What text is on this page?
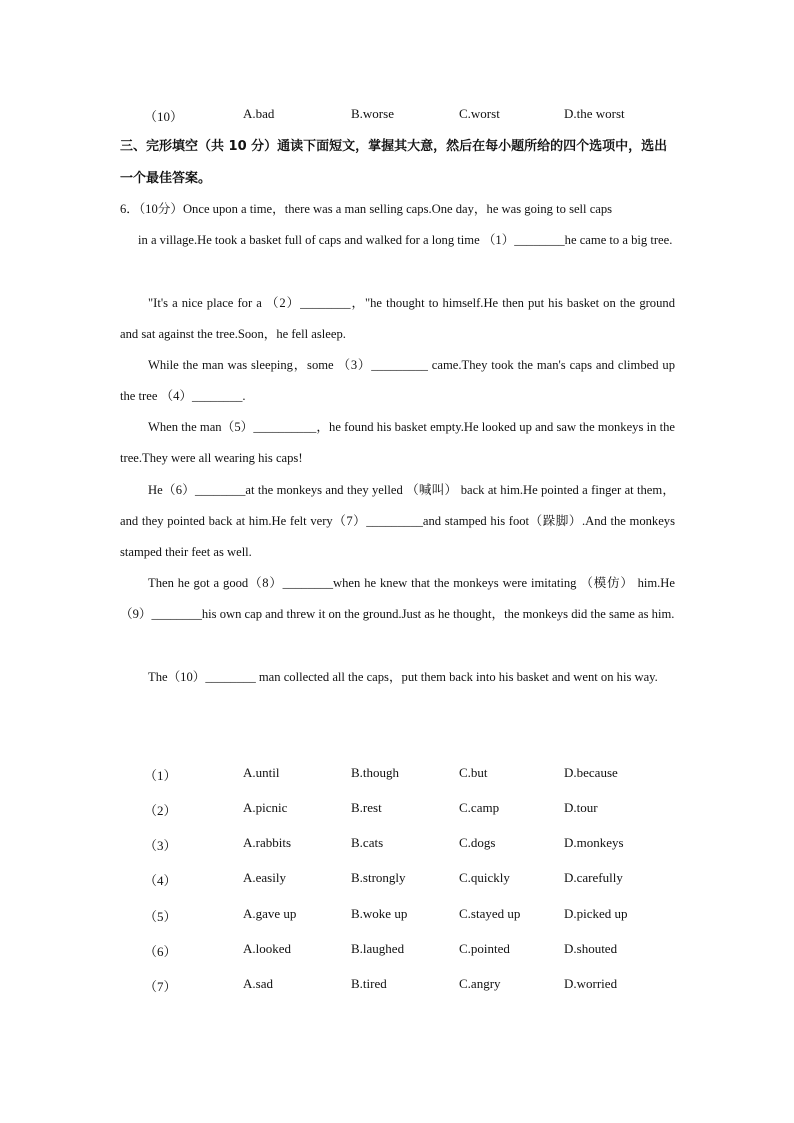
（10）	A.bad	B.worse	C.worst	D.the worst
三、完形填空（共 10 分）通读下面短文，掌握其大意，然后在每小题所给的四个选项中，选出一个最佳答案。
6．（10分）Once upon a time，there was a man selling caps.One day，he was going to sell caps
in a village.He took a basket full of caps and walked for a long time （1）________he came to a big tree.
"It's a nice place for a （2）________，"he thought to himself.He then put his basket on the ground and sat against the tree.Soon，he fell asleep.
While the man was sleeping，some （3）_________ came.They took the man's caps and climbed up the tree （4）________.
When the man（5）__________，he found his basket empty.He looked up and saw the monkeys in the tree.They were all wearing his caps!
He（6）________at the monkeys and they yelled （喊叫） back at him.He pointed a finger at them，and they pointed back at him.He felt very（7）_________and stamped his foot（跺脚）.And the monkeys stamped their feet as well.
Then he got a good（8）________when he knew that the monkeys were imitating （模仿） him.He （9）________his own cap and threw it on the ground.Just as he thought，the monkeys did the same as him.
The（10）________ man collected all the caps，put them back into his basket and went on his way.
（1）	A.until	B.though	C.but	D.because
（2）	A.picnic	B.rest	C.camp	D.tour
（3）	A.rabbits	B.cats	C.dogs	D.monkeys
（4）	A.easily	B.strongly	C.quickly	D.carefully
（5）	A.gave up	B.woke up	C.stayed up	D.picked up
（6）	A.looked	B.laughed	C.pointed	D.shouted
（7）	A.sad	B.tired	C.angry	D.worried
